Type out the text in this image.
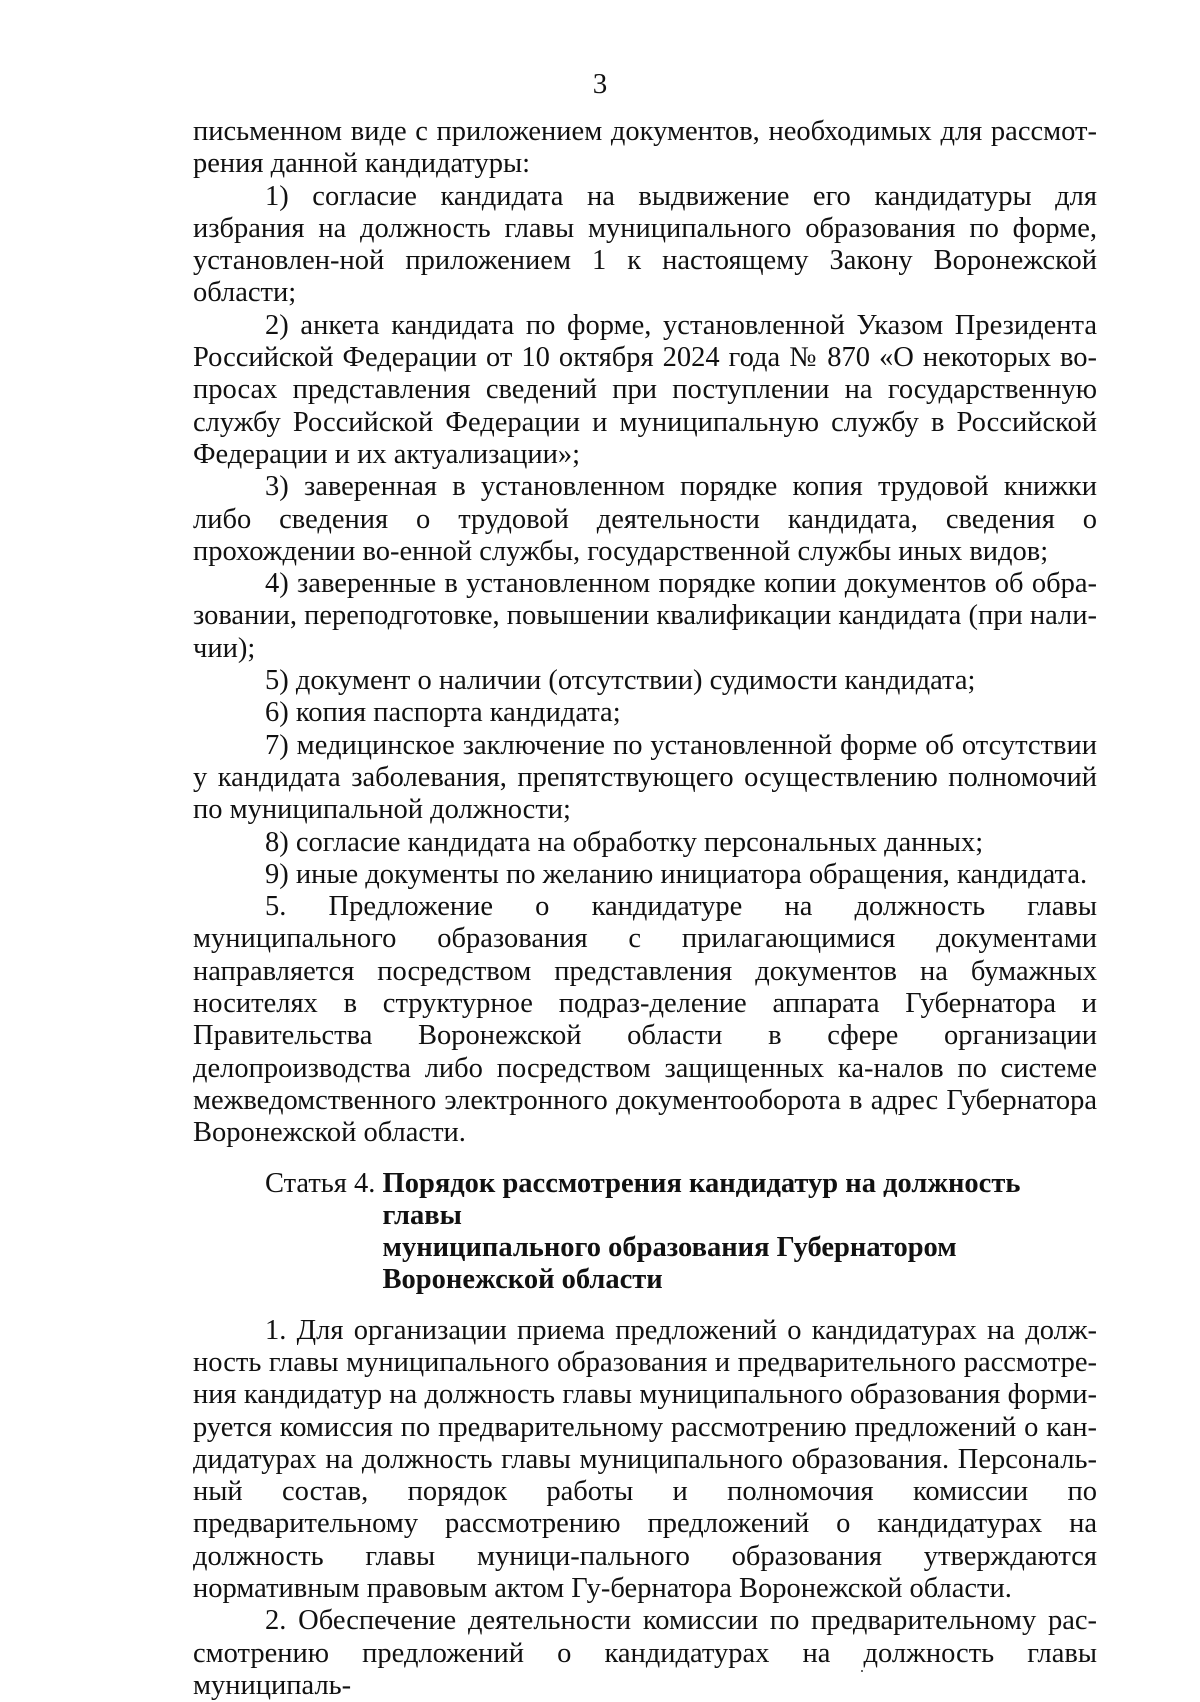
3

письменном виде с приложением документов, необходимых для рассмот-рения данной кандидатуры:

1) согласие кандидата на выдвижение его кандидатуры для избрания на должность главы муниципального образования по форме, установлен-ной приложением 1 к настоящему Закону Воронежской области;

2) анкета кандидата по форме, установленной Указом Президента Российской Федерации от 10 октября 2024 года № 870 «О некоторых во-просах представления сведений при поступлении на государственную службу Российской Федерации и муниципальную службу в Российской Федерации и их актуализации»;

3) заверенная в установленном порядке копия трудовой книжки либо сведения о трудовой деятельности кандидата, сведения о прохождении во-енной службы, государственной службы иных видов;

4) заверенные в установленном порядке копии документов об обра-зовании, переподготовке, повышении квалификации кандидата (при нали-чии);

5) документ о наличии (отсутствии) судимости кандидата;

6) копия паспорта кандидата;

7) медицинское заключение по установленной форме об отсутствии у кандидата заболевания, препятствующего осуществлению полномочий по муниципальной должности;

8) согласие кандидата на обработку персональных данных;

9) иные документы по желанию инициатора обращения, кандидата.

5. Предложение о кандидатуре на должность главы муниципального образования с прилагающимися документами направляется посредством представления документов на бумажных носителях в структурное подраз-деление аппарата Губернатора и Правительства Воронежской области в сфере организации делопроизводства либо посредством защищенных ка-налов по системе межведомственного электронного документооборота в адрес Губернатора Воронежской области.

Статья 4. Порядок рассмотрения кандидатур на должность главы
муниципального образования Губернатором
Воронежской области

1. Для организации приема предложений о кандидатурах на долж-ность главы муниципального образования и предварительного рассмотре-ния кандидатур на должность главы муниципального образования форми-руется комиссия по предварительному рассмотрению предложений о кан-дидатурах на должность главы муниципального образования. Персональ-ный состав, порядок работы и полномочия комиссии по предварительному рассмотрению предложений о кандидатурах на должность главы муници-пального образования утверждаются нормативным правовым актом Гу-бернатора Воронежской области.

2. Обеспечение деятельности комиссии по предварительному рас-смотрению предложений о кандидатурах на должность главы муниципаль-
